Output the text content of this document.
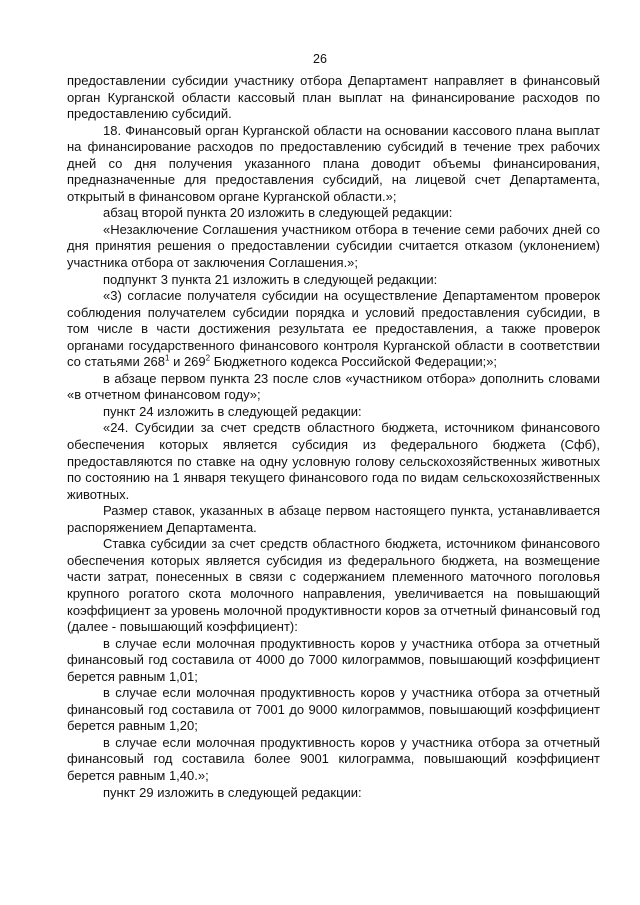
26

предоставлении субсидии участнику отбора Департамент направляет в финансовый орган Курганской области кассовый план выплат на финансирование расходов по предоставлению субсидий.

18. Финансовый орган Курганской области на основании кассового плана выплат на финансирование расходов по предоставлению субсидий в течение трех рабочих дней со дня получения указанного плана доводит объемы финансирования, предназначенные для предоставления субсидий, на лицевой счет Департамента, открытый в финансовом органе Курганской области.»;

абзац второй пункта 20 изложить в следующей редакции:

«Незаключение Соглашения участником отбора в течение семи рабочих дней со дня принятия решения о предоставлении субсидии считается отказом (уклонением) участника отбора от заключения Соглашения.»;

подпункт 3 пункта 21 изложить в следующей редакции:

«3) согласие получателя субсидии на осуществление Департаментом проверок соблюдения получателем субсидии порядка и условий предоставления субсидии, в том числе в части достижения результата ее предоставления, а также проверок органами государственного финансового контроля Курганской области в соответствии со статьями $268^1$ и $269^2$ Бюджетного кодекса Российской Федерации;»;

в абзаце первом пункта 23 после слов «участником отбора» дополнить словами «в отчетном финансовом году»;

пункт 24 изложить в следующей редакции:

«24. Субсидии за счет средств областного бюджета, источником финансового обеспечения которых является субсидия из федерального бюджета (Сфб), предоставляются по ставке на одну условную голову сельскохозяйственных животных по состоянию на 1 января текущего финансового года по видам сельскохозяйственных животных.

Размер ставок, указанных в абзаце первом настоящего пункта, устанавливается распоряжением Департамента.

Ставка субсидии за счет средств областного бюджета, источником финансового обеспечения которых является субсидия из федерального бюджета, на возмещение части затрат, понесенных в связи с содержанием племенного маточного поголовья крупного рогатого скота молочного направления, увеличивается на повышающий коэффициент за уровень молочной продуктивности коров за отчетный финансовый год (далее - повышающий коэффициент):

в случае если молочная продуктивность коров у участника отбора за отчетный финансовый год составила от 4000 до 7000 килограммов, повышающий коэффициент берется равным 1,01;

в случае если молочная продуктивность коров у участника отбора за отчетный финансовый год составила от 7001 до 9000 килограммов, повышающий коэффициент берется равным 1,20;

в случае если молочная продуктивность коров у участника отбора за отчетный финансовый год составила более 9001 килограмма, повышающий коэффициент берется равным 1,40.»;

пункт 29 изложить в следующей редакции:
